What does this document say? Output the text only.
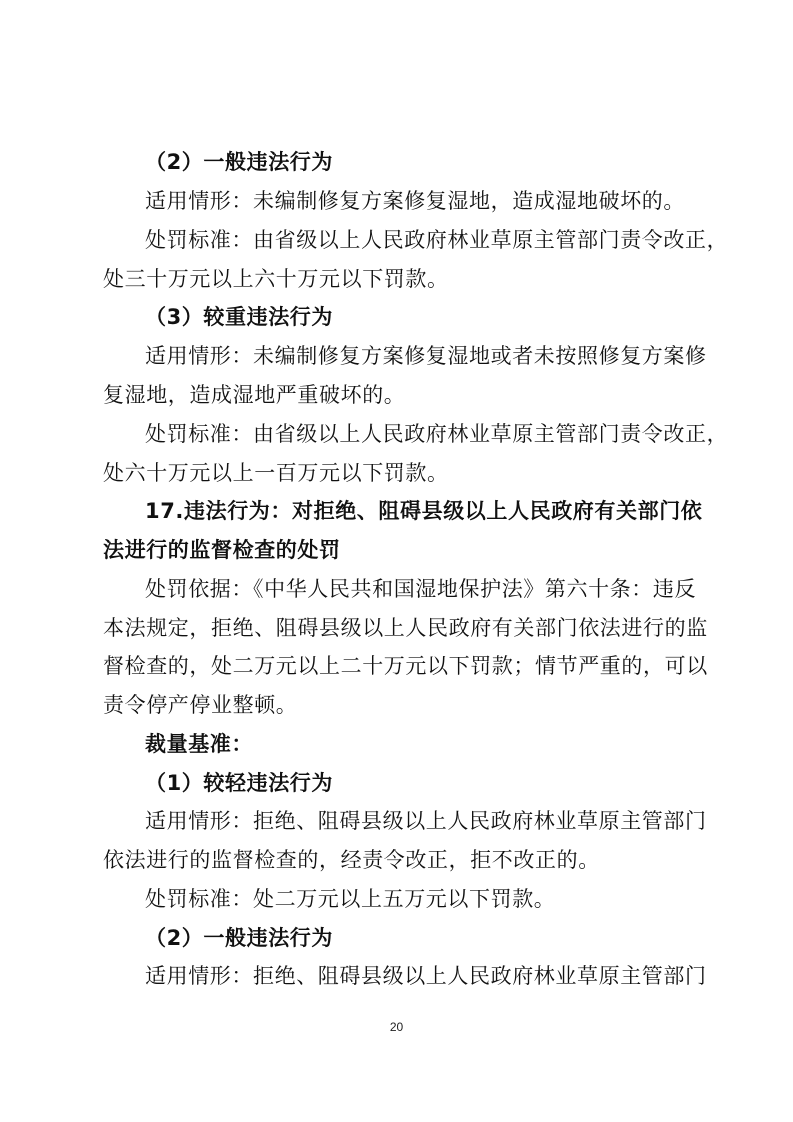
（2）一般违法行为
适用情形：未编制修复方案修复湿地，造成湿地破坏的。
处罚标准：由省级以上人民政府林业草原主管部门责令改正，
处三十万元以上六十万元以下罚款。
（3）较重违法行为
适用情形：未编制修复方案修复湿地或者未按照修复方案修
复湿地，造成湿地严重破坏的。
处罚标准：由省级以上人民政府林业草原主管部门责令改正，
处六十万元以上一百万元以下罚款。
17.违法行为：对拒绝、阻碍县级以上人民政府有关部门依
法进行的监督检查的处罚
处罚依据：《中华人民共和国湿地保护法》第六十条：违反
本法规定，拒绝、阻碍县级以上人民政府有关部门依法进行的监
督检查的，处二万元以上二十万元以下罚款；情节严重的，可以
责令停产停业整顿。
裁量基准：
（1）较轻违法行为
适用情形：拒绝、阻碍县级以上人民政府林业草原主管部门
依法进行的监督检查的，经责令改正，拒不改正的。
处罚标准：处二万元以上五万元以下罚款。
（2）一般违法行为
适用情形：拒绝、阻碍县级以上人民政府林业草原主管部门
20
